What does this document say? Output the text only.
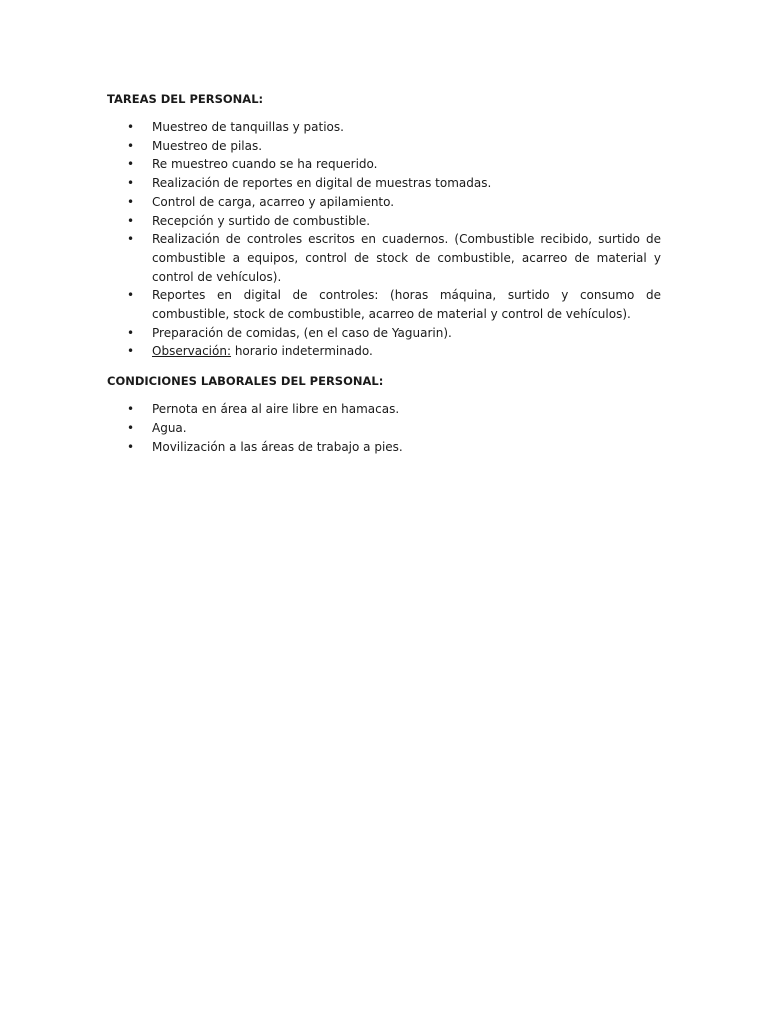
TAREAS DEL PERSONAL:

• Muestreo de tanquillas y patios.
• Muestreo de pilas.
• Re muestreo cuando se ha requerido.
• Realización de reportes en digital de muestras tomadas.
• Control de carga, acarreo y apilamiento.
• Recepción y surtido de combustible.
• Realización de controles escritos en cuadernos. (Combustible recibido, surtido de combustible a equipos, control de stock de combustible, acarreo de material y control de vehículos).
• Reportes en digital de controles: (horas máquina, surtido y consumo de combustible, stock de combustible, acarreo de material y control de vehículos).
• Preparación de comidas, (en el caso de Yaguarin).
• Observación: horario indeterminado.

CONDICIONES LABORALES DEL PERSONAL:

• Pernota en área al aire libre en hamacas.
• Agua.
• Movilización a las áreas de trabajo a pies.
